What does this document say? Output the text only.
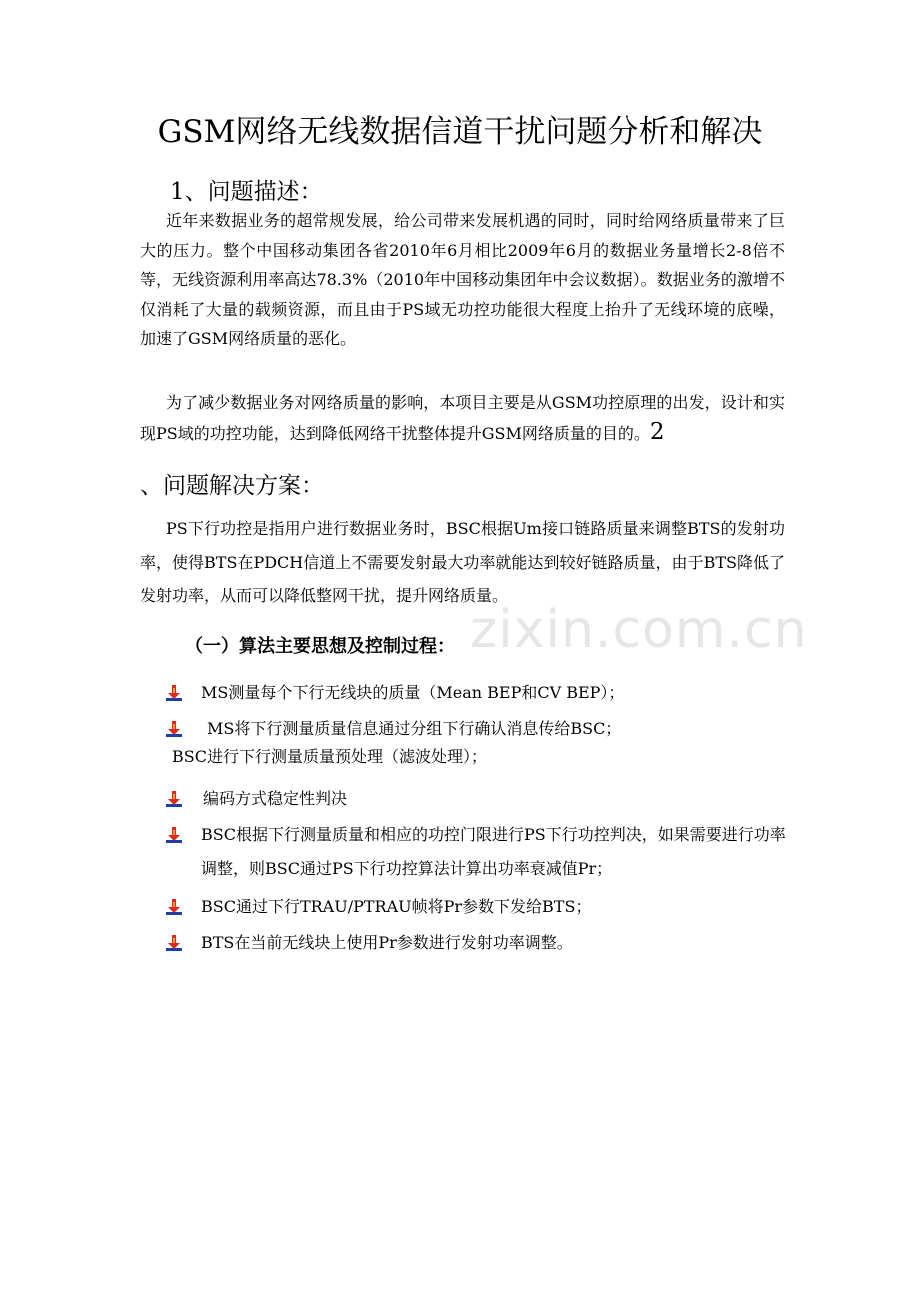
zixin.com.cn
GSM网络无线数据信道干扰问题分析和解决
1、问题描述：

近年来数据业务的超常规发展，给公司带来发展机遇的同时，同时给网络质量带来了巨大的压力。整个中国移动集团各省2010年6月相比2009年6月的数据业务量增长2-8倍不等，无线资源利用率高达78.3%（2010年中国移动集团年中会议数据）。数据业务的激增不仅消耗了大量的载频资源，而且由于PS域无功控功能很大程度上抬升了无线环境的底噪，加速了GSM网络质量的恶化。

为了减少数据业务对网络质量的影响，本项目主要是从GSM功控原理的出发，设计和实现PS域的功控功能，达到降低网络干扰整体提升GSM网络质量的目的。2

、问题解决方案：

PS下行功控是指用户进行数据业务时，BSC根据Um接口链路质量来调整BTS的发射功率，使得BTS在PDCH信道上不需要发射最大功率就能达到较好链路质量，由于BTS降低了发射功率，从而可以降低整网干扰，提升网络质量。

（一）算法主要思想及控制过程：
MS测量每个下行无线块的质量（Mean BEP和CV BEP）；
MS将下行测量质量信息通过分组下行确认消息传给BSC；
BSC进行下行测量质量预处理（滤波处理）；
编码方式稳定性判决
BSC根据下行测量质量和相应的功控门限进行PS下行功控判决，如果需要进行功率调整，则BSC通过PS下行功控算法计算出功率衰减值Pr；
BSC通过下行TRAU/PTRAU帧将Pr参数下发给BTS；
BTS在当前无线块上使用Pr参数进行发射功率调整。
